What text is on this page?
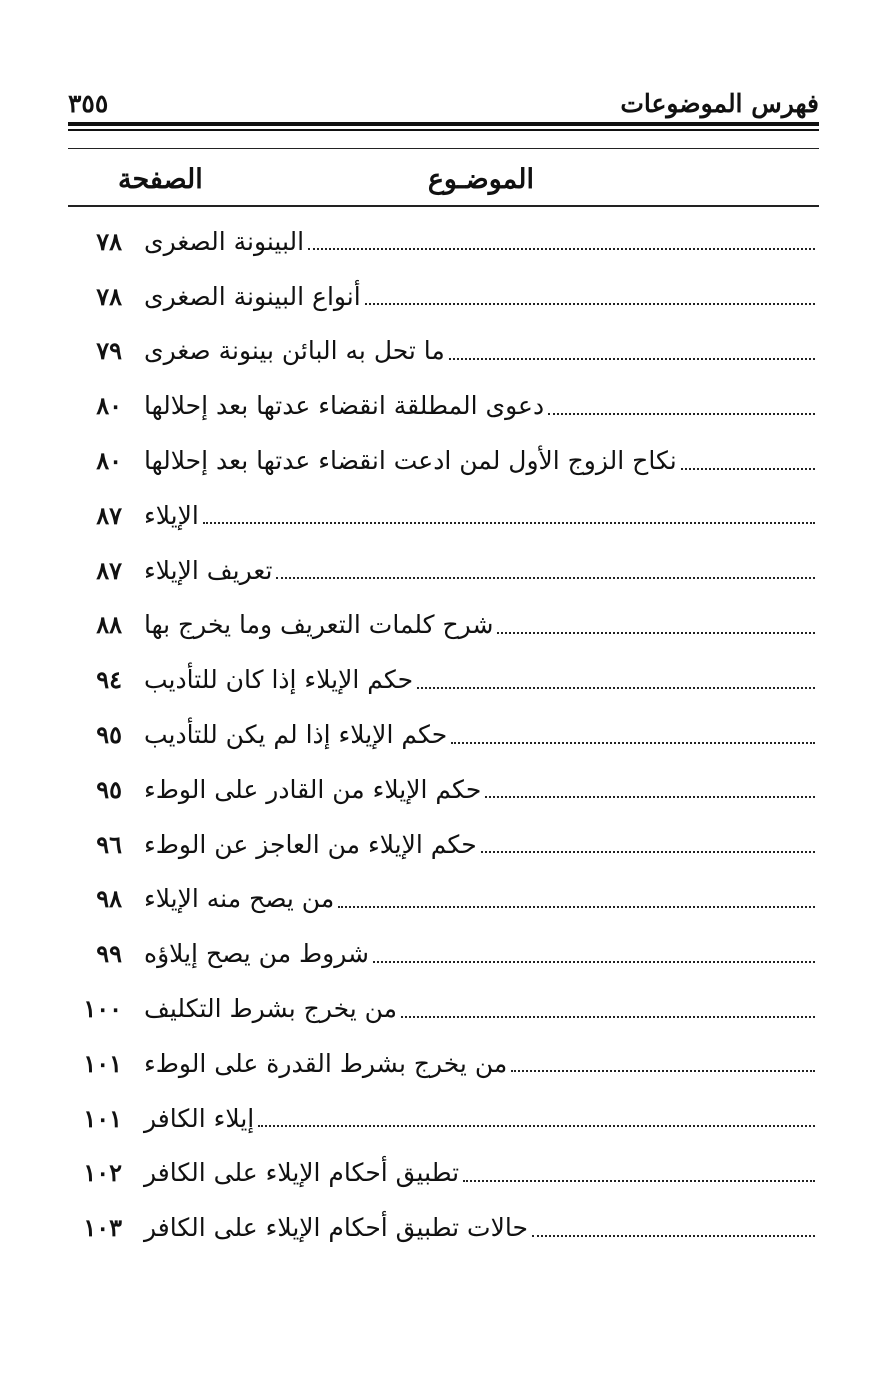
فهرس الموضوعات
٣٥٥
الموضـوع
الصفحة
البينونة الصغرى
٧٨
أنواع البينونة الصغرى
٧٨
ما تحل به البائن بينونة صغرى
٧٩
دعوى المطلقة انقضاء عدتها بعد إحلالها
٨٠
نكاح الزوج الأول لمن ادعت انقضاء عدتها بعد إحلالها
٨٠
الإيلاء
٨٧
تعريف الإيلاء
٨٧
شرح كلمات التعريف وما يخرج بها
٨٨
حكم الإيلاء إذا كان للتأديب
٩٤
حكم الإيلاء إذا لم يكن للتأديب
٩٥
حكم الإيلاء من القادر على الوطء
٩٥
حكم الإيلاء من العاجز عن الوطء
٩٦
من يصح منه الإيلاء
٩٨
شروط من يصح إيلاؤه
٩٩
من يخرج بشرط التكليف
١٠٠
من يخرج بشرط القدرة على الوطء
١٠١
إيلاء الكافر
١٠١
تطبيق أحكام الإيلاء على الكافر
١٠٢
حالات تطبيق أحكام الإيلاء على الكافر
١٠٣
